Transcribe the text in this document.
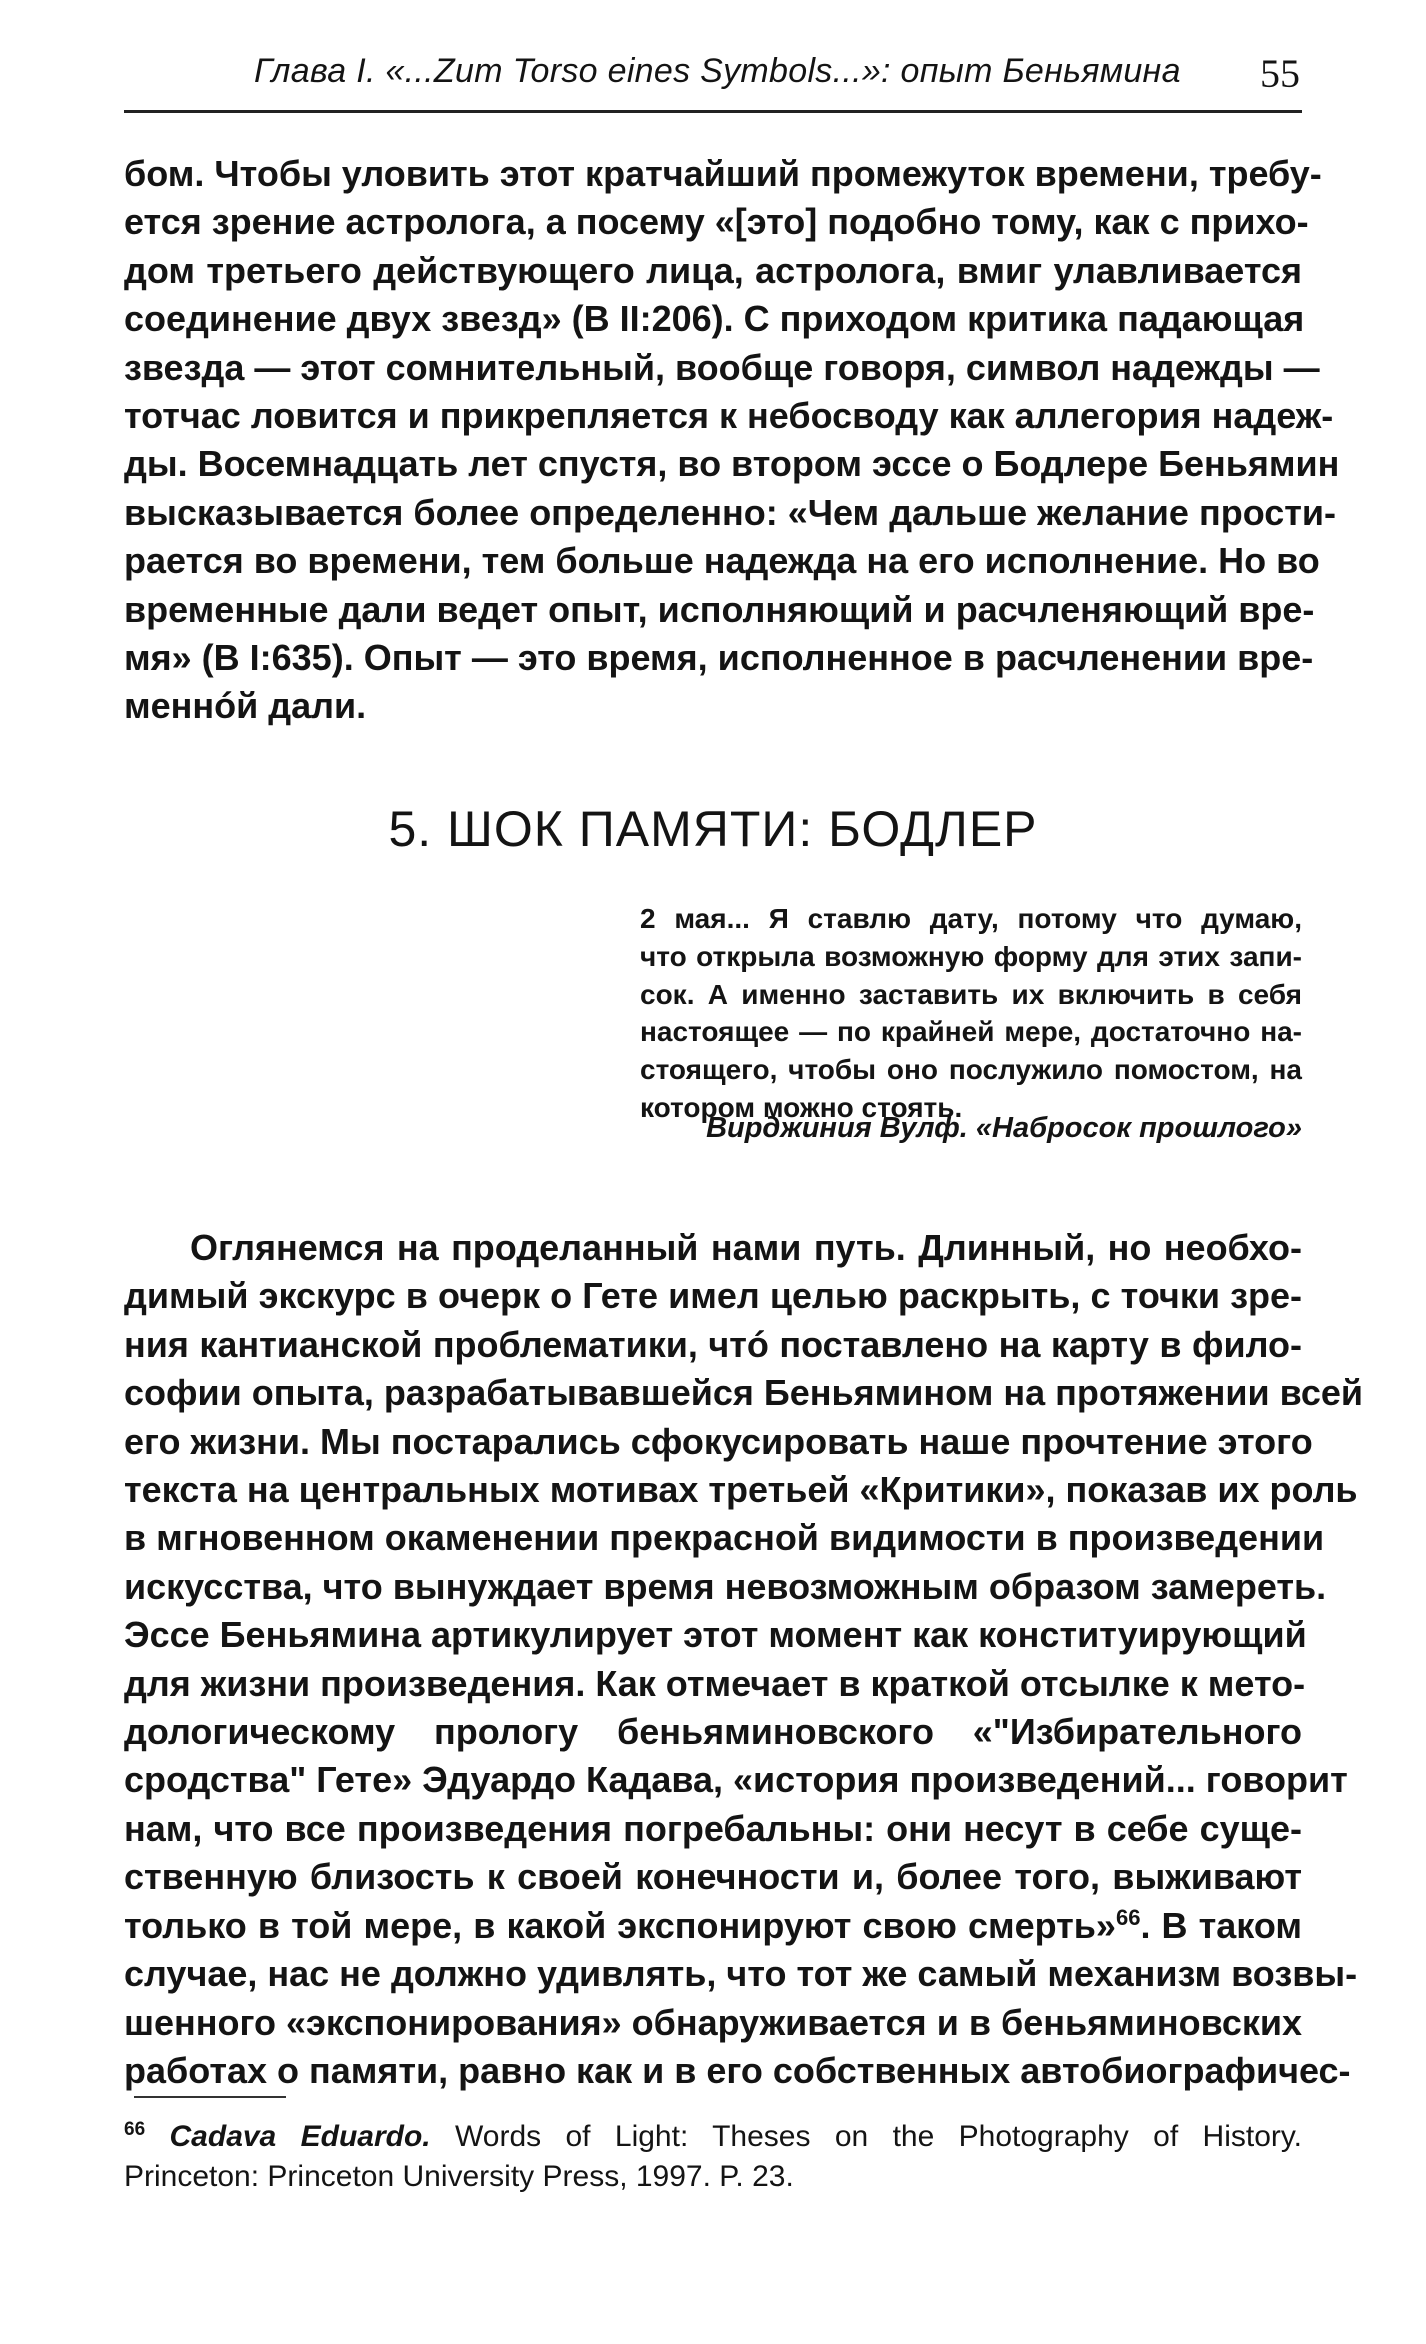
Глава I. «...Zum Torso eines Symbols...»: опыт Беньямина 55

бом. Чтобы уловить этот кратчайший промежуток времени, требу-
ется зрение астролога, а посему «[это] подобно тому, как с прихо-
дом третьего действующего лица, астролога, вмиг улавливается
соединение двух звезд» (В II:206). С приходом критика падающая
звезда — этот сомнительный, вообще говоря, символ надежды —
тотчас ловится и прикрепляется к небосводу как аллегория надеж-
ды. Восемнадцать лет спустя, во втором эссе о Бодлере Беньямин
высказывается более определенно: «Чем дальше желание прости-
рается во времени, тем больше надежда на его исполнение. Но во
временные дали ведет опыт, исполняющий и расчленяющий вре-
мя» (В I:635). Опыт — это время, исполненное в расчленении вре-
меннóй дали.

5. ШОК ПАМЯТИ: БОДЛЕР

2 мая... Я ставлю дату, потому что думаю,
что открыла возможную форму для этих запи-
сок. А именно заставить их включить в себя
настоящее — по крайней мере, достаточно на-
стоящего, чтобы оно послужило помостом, на
котором можно стоять.

Вирджиния Вулф. «Набросок прошлого»

Оглянемся на проделанный нами путь. Длинный, но необхо-
димый экскурс в очерк о Гете имел целью раскрыть, с точки зре-
ния кантианской проблематики, чтó поставлено на карту в фило-
софии опыта, разрабатывавшейся Беньямином на протяжении всей
его жизни. Мы постарались сфокусировать наше прочтение этого
текста на центральных мотивах третьей «Критики», показав их роль
в мгновенном окаменении прекрасной видимости в произведении
искусства, что вынуждает время невозможным образом замереть.
Эссе Беньямина артикулирует этот момент как конституирующий
для жизни произведения. Как отмечает в краткой отсылке к мето-
дологическому прологу беньяминовского «"Избирательного
сродства" Гете» Эдуардо Кадава, «история произведений... говорит
нам, что все произведения погребальны: они несут в себе суще-
ственную близость к своей конечности и, более того, выживают
только в той мере, в какой экспонируют свою смерть»$^{66}$. В таком
случае, нас не должно удивлять, что тот же самый механизм возвы-
шенного «экспонирования» обнаруживается и в беньяминовских
работах о памяти, равно как и в его собственных автобиографичес-

$^{66}$ Cadava Eduardo. Words of Light: Theses on the Photography of History.
Princeton: Princeton University Press, 1997. P. 23.
